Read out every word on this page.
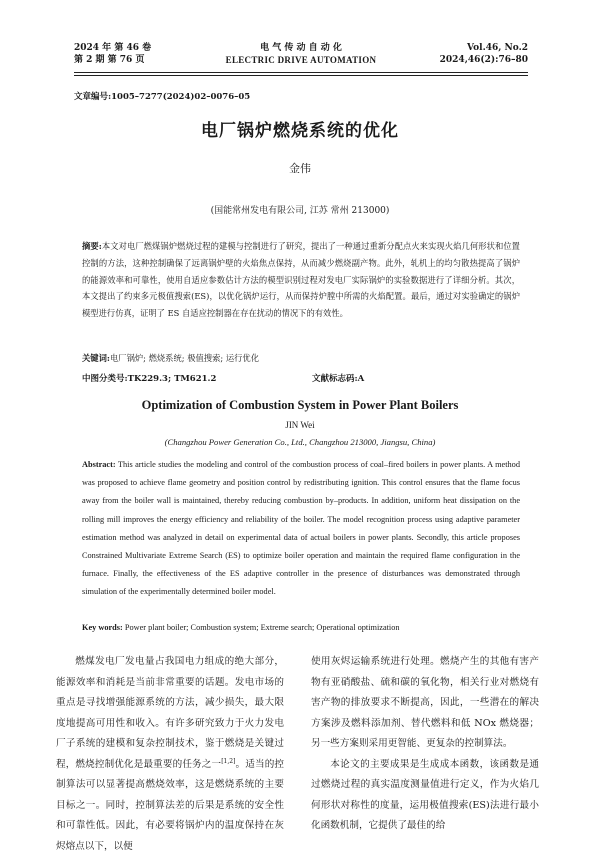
2024 年 第 46 卷
第 2 期 第 76 页
电 气 传 动 自 动 化
ELECTRIC DRIVE AUTOMATION
Vol.46, No.2
2024,46(2):76–80
文章编号:1005–7277(2024)02–0076–05
电厂锅炉燃烧系统的优化
金伟
(国能常州发电有限公司, 江苏 常州 213000)
摘要:本文对电厂燃煤锅炉燃烧过程的建模与控制进行了研究，提出了一种通过重新分配点火来实现火焰几何形状和位置控制的方法，这种控制确保了远离锅炉壁的火焰焦点保持，从而减少燃烧副产物。此外，轧机上的均匀散热提高了锅炉的能源效率和可靠性，使用自适应参数估计方法的模型识别过程对发电厂实际锅炉的实验数据进行了详细分析。其次，本文提出了约束多元极值搜索(ES)，以优化锅炉运行，从而保持炉膛中所需的火焰配置。最后，通过对实验确定的锅炉模型进行仿真，证明了 ES 自适应控制器在存在扰动的情况下的有效性。
关键词:电厂锅炉; 燃烧系统; 极值搜索; 运行优化
中图分类号:TK229.3; TM621.2	文献标志码:A
Optimization of Combustion System in Power Plant Boilers
JIN Wei
(Changzhou Power Generation Co., Ltd., Changzhou 213000, Jiangsu, China)
Abstract: This article studies the modeling and control of the combustion process of coal–fired boilers in power plants. A method was proposed to achieve flame geometry and position control by redistributing ignition. This control ensures that the flame focus away from the boiler wall is maintained, thereby reducing combustion by–products. In addition, uniform heat dissipation on the rolling mill improves the energy efficiency and reliability of the boiler. The model recognition process using adaptive parameter estimation method was analyzed in detail on experimental data of actual boilers in power plants. Secondly, this article proposes Constrained Multivariate Extreme Search (ES) to optimize boiler operation and maintain the required flame configuration in the furnace. Finally, the effectiveness of the ES adaptive controller in the presence of disturbances was demonstrated through simulation of the experimentally determined boiler model.
Key words: Power plant boiler; Combustion system; Extreme search; Operational optimization

燃煤发电厂发电量占我国电力组成的绝大部分，能源效率和消耗是当前非常重要的话题。发电市场的重点是寻找增强能源系统的方法，减少损失，最大限度地提高可用性和收入。有许多研究致力于火力发电厂子系统的建模和复杂控制技术，鉴于燃烧是关键过程，燃烧控制优化是最重要的任务之一[1,2]。适当的控制算法可以显著提高燃烧效率，这是燃烧系统的主要目标之一。同时，控制算法差的后果是系统的安全性和可靠性低。因此，有必要将锅炉内的温度保持在灰烬熔点以下，以便

使用灰烬运输系统进行处理。燃烧产生的其他有害产物有亚硝酸盐、硫和碳的氧化物，相关行业对燃烧有害产物的排放要求不断提高，因此，一些潜在的解决方案涉及燃料添加剂、替代燃料和低 NOx 燃烧器；另一些方案则采用更智能、更复杂的控制算法。

本论文的主要成果是生成成本函数，该函数是通过燃烧过程的真实温度测量值进行定义，作为火焰几何形状对称性的度量，运用极值搜索(ES)法进行最小化函数机制，它提供了最佳的给
